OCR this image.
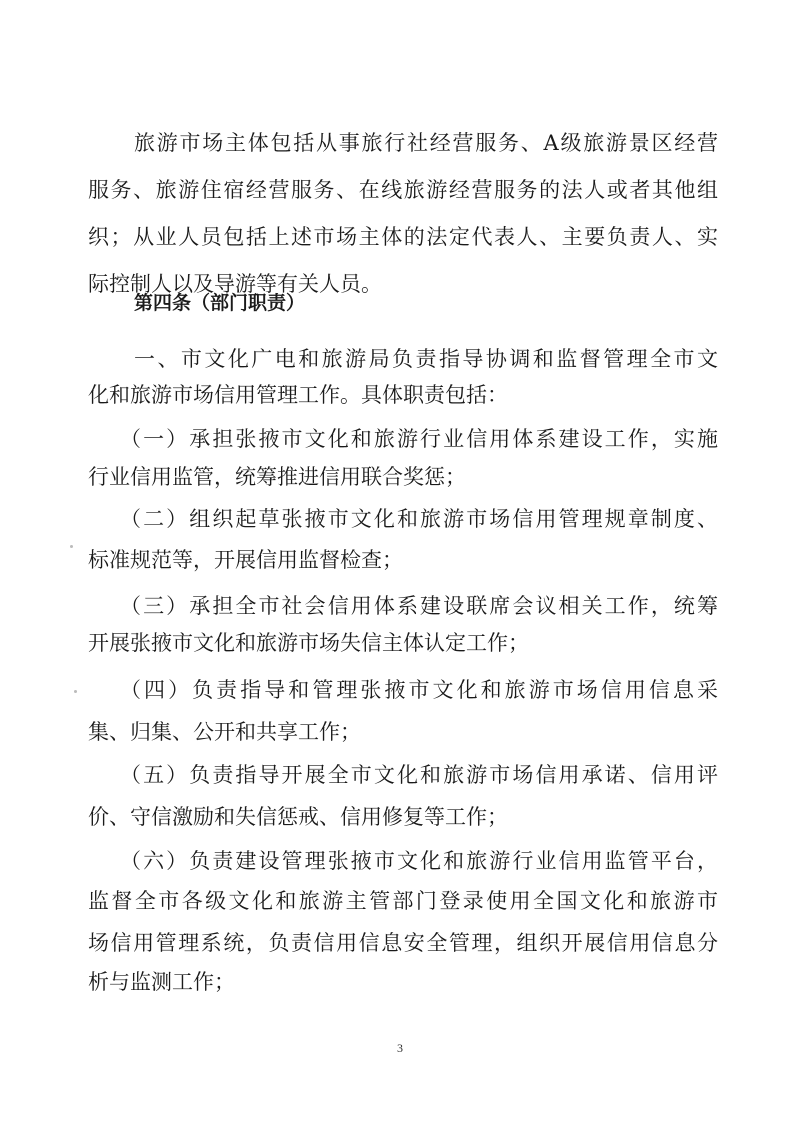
旅游市场主体包括从事旅行社经营服务、A级旅游景区经营
服务、旅游住宿经营服务、在线旅游经营服务的法人或者其他组
织；从业人员包括上述市场主体的法定代表人、主要负责人、实
际控制人以及导游等有关人员。
第四条（部门职责）
一、市文化广电和旅游局负责指导协调和监督管理全市文
化和旅游市场信用管理工作。具体职责包括：
（一）承担张掖市文化和旅游行业信用体系建设工作，实施
行业信用监管，统筹推进信用联合奖惩；
（二）组织起草张掖市文化和旅游市场信用管理规章制度、
标准规范等，开展信用监督检查；
（三）承担全市社会信用体系建设联席会议相关工作，统筹
开展张掖市文化和旅游市场失信主体认定工作；
（四）负责指导和管理张掖市文化和旅游市场信用信息采
集、归集、公开和共享工作；
（五）负责指导开展全市文化和旅游市场信用承诺、信用评
价、守信激励和失信惩戒、信用修复等工作；
（六）负责建设管理张掖市文化和旅游行业信用监管平台，
监督全市各级文化和旅游主管部门登录使用全国文化和旅游市
场信用管理系统，负责信用信息安全管理，组织开展信用信息分
析与监测工作；
3
